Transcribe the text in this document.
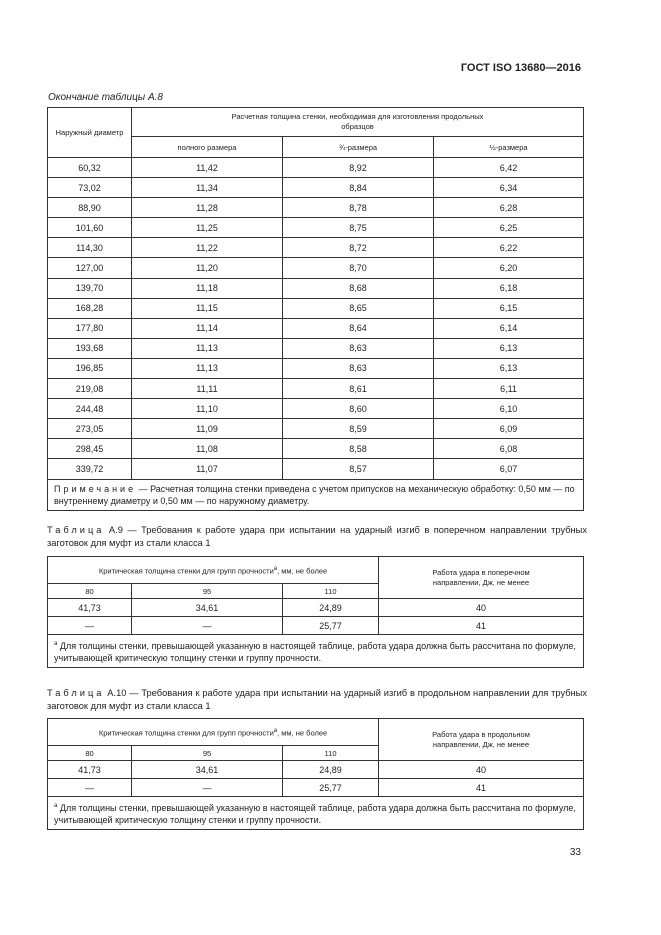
ГОСТ ISO 13680—2016
Окончание таблицы А.8
Наружный диаметр	Расчетная толщина стенки, необходимая для изготовления продольных образцов		
	полного размера	¾-размера	½-размера
60,32	11,42	8,92	6,42
73,02	11,34	8,84	6,34
88,90	11,28	8,78	6,28
101,60	11,25	8,75	6,25
114,30	11,22	8,72	6,22
127,00	11,20	8,70	6,20
139,70	11,18	8,68	6,18
168,28	11,15	8,65	6,15
177,80	11,14	8,64	6,14
193,68	11,13	8,63	6,13
196,85	11,13	8,63	6,13
219,08	11,11	8,61	6,11
244,48	11,10	8,60	6,10
273,05	11,09	8,59	6,09
298,45	11,08	8,58	6,08
339,72	11,07	8,57	6,07
Примечание — Расчетная толщина стенки приведена с учетом припусков на механическую обработку: 0,50 мм — по внутреннему диаметру и 0,50 мм — по наружному диаметру.			
Таблица А.9 — Требования к работе удара при испытании на ударный изгиб в поперечном направлении трубных заготовок для муфт из стали класса 1
Критическая толщина стенки для групп прочности$^a$, мм, не более			Работа удара в поперечном направлении, Дж, не менее
80	95	110	
41,73	34,61	24,89	40
—	—	25,77	41
$^a$ Для толщины стенки, превышающей указанную в настоящей таблице, работа удара должна быть рассчитана по формуле, учитывающей критическую толщину стенки и группу прочности.			
Таблица А.10 — Требования к работе удара при испытании на ударный изгиб в продольном направлении для трубных заготовок для муфт из стали класса 1
Критическая толщина стенки для групп прочности$^a$, мм, не более			Работа удара в продольном направлении, Дж, не менее
80	95	110	
41,73	34,61	24,89	40
—	—	25,77	41
$^a$ Для толщины стенки, превышающей указанную в настоящей таблице, работа удара должна быть рассчитана по формуле, учитывающей критическую толщину стенки и группу прочности.			
33
